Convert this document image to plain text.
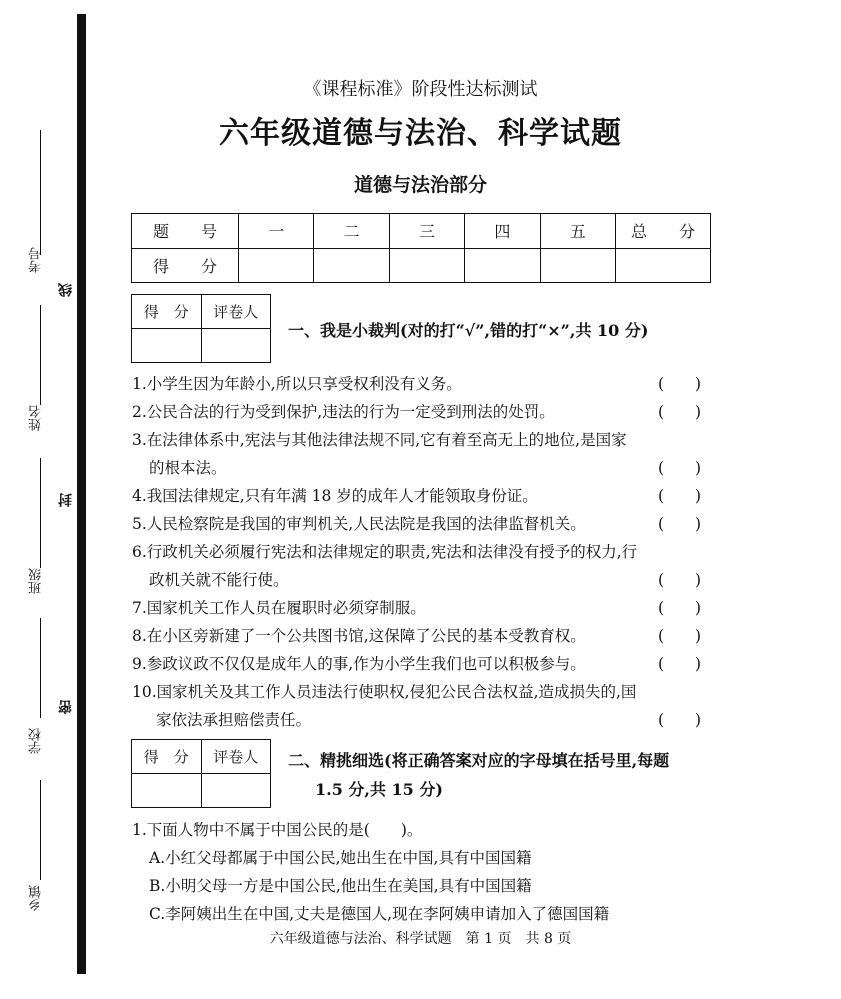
考号
姓名
班级
学校
乡镇
线
封
密
《课程标准》阶段性达标测试
六年级道德与法治、科学试题
道德与法治部分
题　　号	一	二	三	四	五	总　　分
得　　分						
得　分	评卷人

一、我是小裁判(对的打“√”,错的打“×”,共 10 分)
1.小学生因为年龄小,所以只享受权利没有义务。	(　　)
2.公民合法的行为受到保护,违法的行为一定受到刑法的处罚。	(　　)
3.在法律体系中,宪法与其他法律法规不同,它有着至高无上的地位,是国家
的根本法。	(　　)
4.我国法律规定,只有年满 18 岁的成年人才能领取身份证。	(　　)
5.人民检察院是我国的审判机关,人民法院是我国的法律监督机关。	(　　)
6.行政机关必须履行宪法和法律规定的职责,宪法和法律没有授予的权力,行
政机关就不能行使。	(　　)
7.国家机关工作人员在履职时必须穿制服。	(　　)
8.在小区旁新建了一个公共图书馆,这保障了公民的基本受教育权。	(　　)
9.参政议政不仅仅是成年人的事,作为小学生我们也可以积极参与。	(　　)
10.国家机关及其工作人员违法行使职权,侵犯公民合法权益,造成损失的,国
家依法承担赔偿责任。	(　　)
得　分	评卷人
	二、精挑细选(将正确答案对应的字母填在括号里,每题
1.5 分,共 15 分)
1.下面人物中不属于中国公民的是(　　)。
A.小红父母都属于中国公民,她出生在中国,具有中国国籍
B.小明父母一方是中国公民,他出生在美国,具有中国国籍
C.李阿姨出生在中国,丈夫是德国人,现在李阿姨申请加入了德国国籍
六年级道德与法治、科学试题　第 1 页　共 8 页
